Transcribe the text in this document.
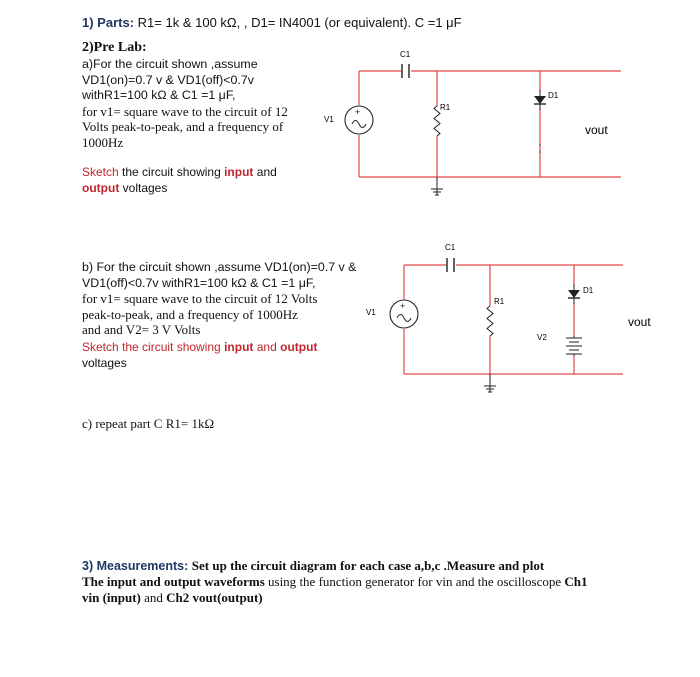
1) Parts: R1= 1k & 100 kΩ, , D1= IN4001 (or equivalent). C =1 μF
2)Pre Lab:
a)For the circuit shown ,assume
VD1(on)=0.7 v & VD1(off)<0.7v
withR1=100 kΩ & C1 =1 μF,
for v1= square wave to the circuit of 12
Volts peak-to-peak, and a frequency of
1000Hz
Sketch the circuit showing input and
output voltages
b) For the circuit shown ,assume VD1(on)=0.7 v &
VD1(off)<0.7v withR1=100 kΩ & C1 =1 μF,
for v1= square wave to the circuit of 12 Volts
peak-to-peak, and a frequency of 1000Hz
and and V2= 3 V Volts
Sketch the circuit showing input and output
voltages
c) repeat part C R1= 1kΩ
C1
+
V1
R1
D1
vout
C1
+
V1
R1
D1
V2
vout
3) Measurements: Set up the circuit diagram for each case a,b,c .Measure and plot
The input and output waveforms using the function generator for vin and the oscilloscope Ch1
vin (input) and Ch2 vout(output)
